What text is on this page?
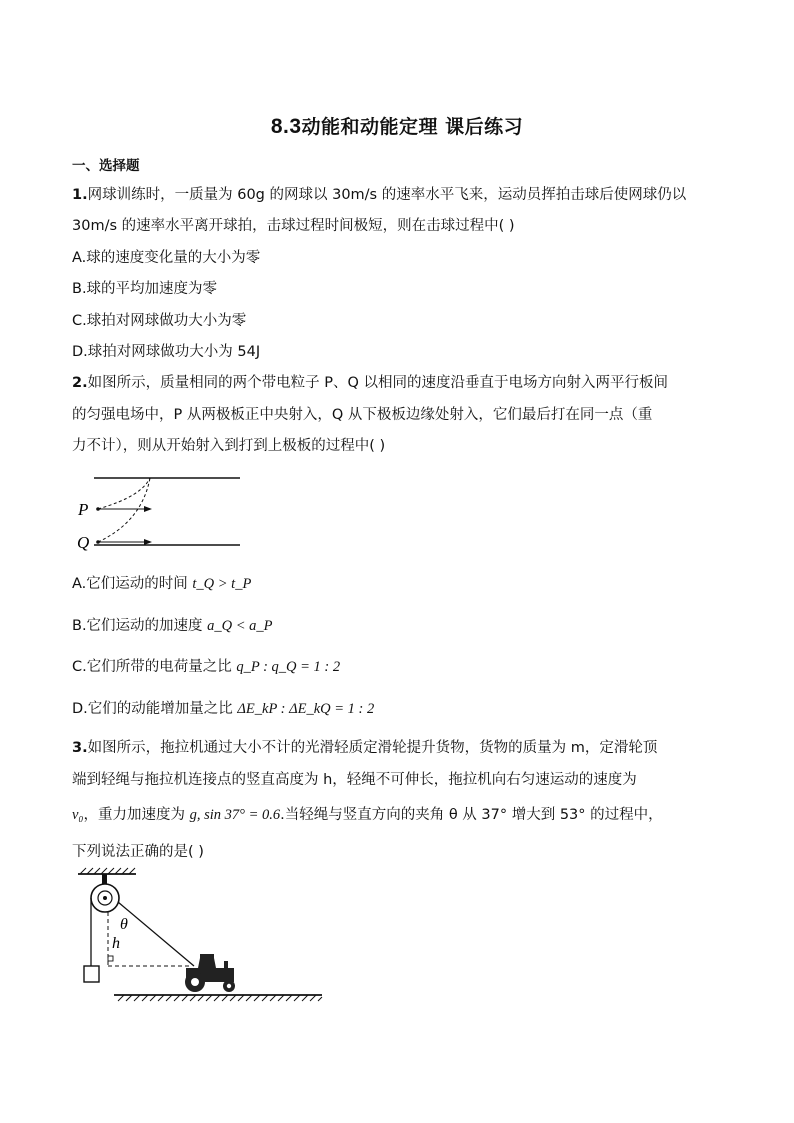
8.3动能和动能定理 课后练习
一、选择题
1.网球训练时，一质量为 60g 的网球以 30m/s 的速率水平飞来，运动员挥拍击球后使网球仍以
30m/s 的速率水平离开球拍，击球过程时间极短，则在击球过程中( )
A.球的速度变化量的大小为零
B.球的平均加速度为零
C.球拍对网球做功大小为零
D.球拍对网球做功大小为 54J
2.如图所示，质量相同的两个带电粒子 P、Q 以相同的速度沿垂直于电场方向射入两平行板间
的匀强电场中，P 从两极板正中央射入，Q 从下极板边缘处射入，它们最后打在同一点（重
力不计），则从开始射入到打到上极板的过程中( )
P
Q
A.它们运动的时间 t_Q > t_P
B.它们运动的加速度 a_Q < a_P
C.它们所带的电荷量之比 q_P : q_Q = 1 : 2
D.它们的动能增加量之比 ΔE_kP : ΔE_kQ = 1 : 2
3.如图所示，拖拉机通过大小不计的光滑轻质定滑轮提升货物，货物的质量为 m，定滑轮顶
端到轻绳与拖拉机连接点的竖直高度为 h，轻绳不可伸长，拖拉机向右匀速运动的速度为
v₀，重力加速度为 g, sin 37° = 0.6.当轻绳与竖直方向的夹角 θ 从 37° 增大到 53° 的过程中，
下列说法正确的是( )
θ
h
